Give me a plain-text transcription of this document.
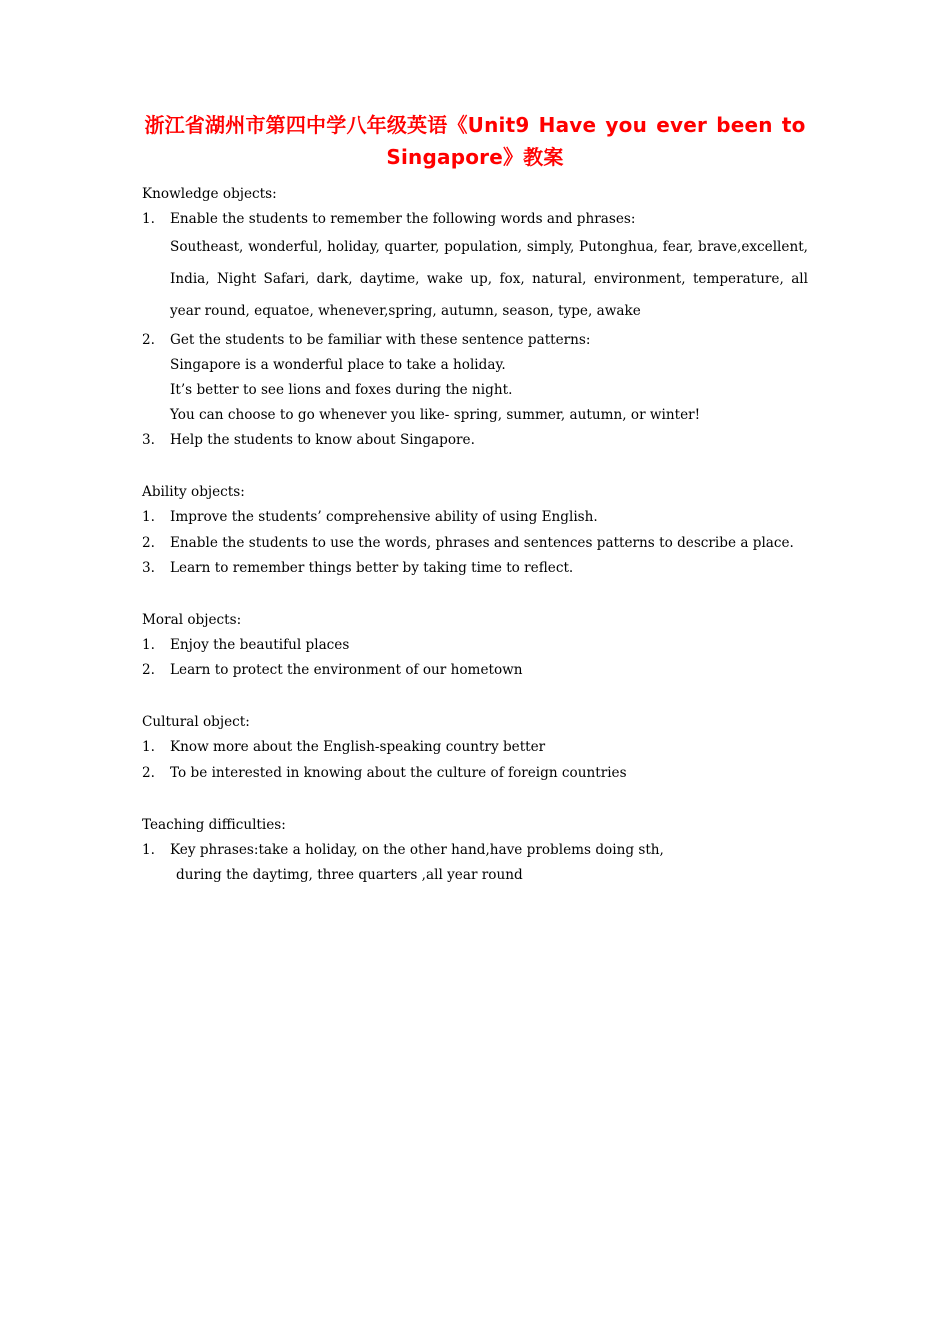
浙江省湖州市第四中学八年级英语《Unit9 Have you ever been to
Singapore》教案
Knowledge objects:
1.	Enable the students to remember the following words and phrases:
Southeast, wonderful, holiday, quarter, population, simply, Putonghua, fear, brave,excellent, India, Night Safari, dark, daytime, wake up, fox, natural, environment, temperature, all year round, equatoe, whenever,spring, autumn, season, type, awake
2.	Get the students to be familiar with these sentence patterns:
Singapore is a wonderful place to take a holiday.
It’s better to see lions and foxes during the night.
You can choose to go whenever you like- spring, summer, autumn, or winter!
3.	Help the students to know about Singapore.
Ability objects:
1.	Improve the students’ comprehensive ability of using English.
2.	Enable the students to use the words, phrases and sentences patterns to describe a place.
3.	Learn to remember things better by taking time to reflect.
Moral objects:
1.	Enjoy the beautiful places
2.	Learn to protect the environment of our hometown
Cultural object:
1.	Know more about the English-speaking country better
2.	To be interested in knowing about the culture of foreign countries
Teaching difficulties:
1.	Key phrases:take a holiday, on the other hand,have problems doing sth,
during the daytimg, three quarters ,all year round
